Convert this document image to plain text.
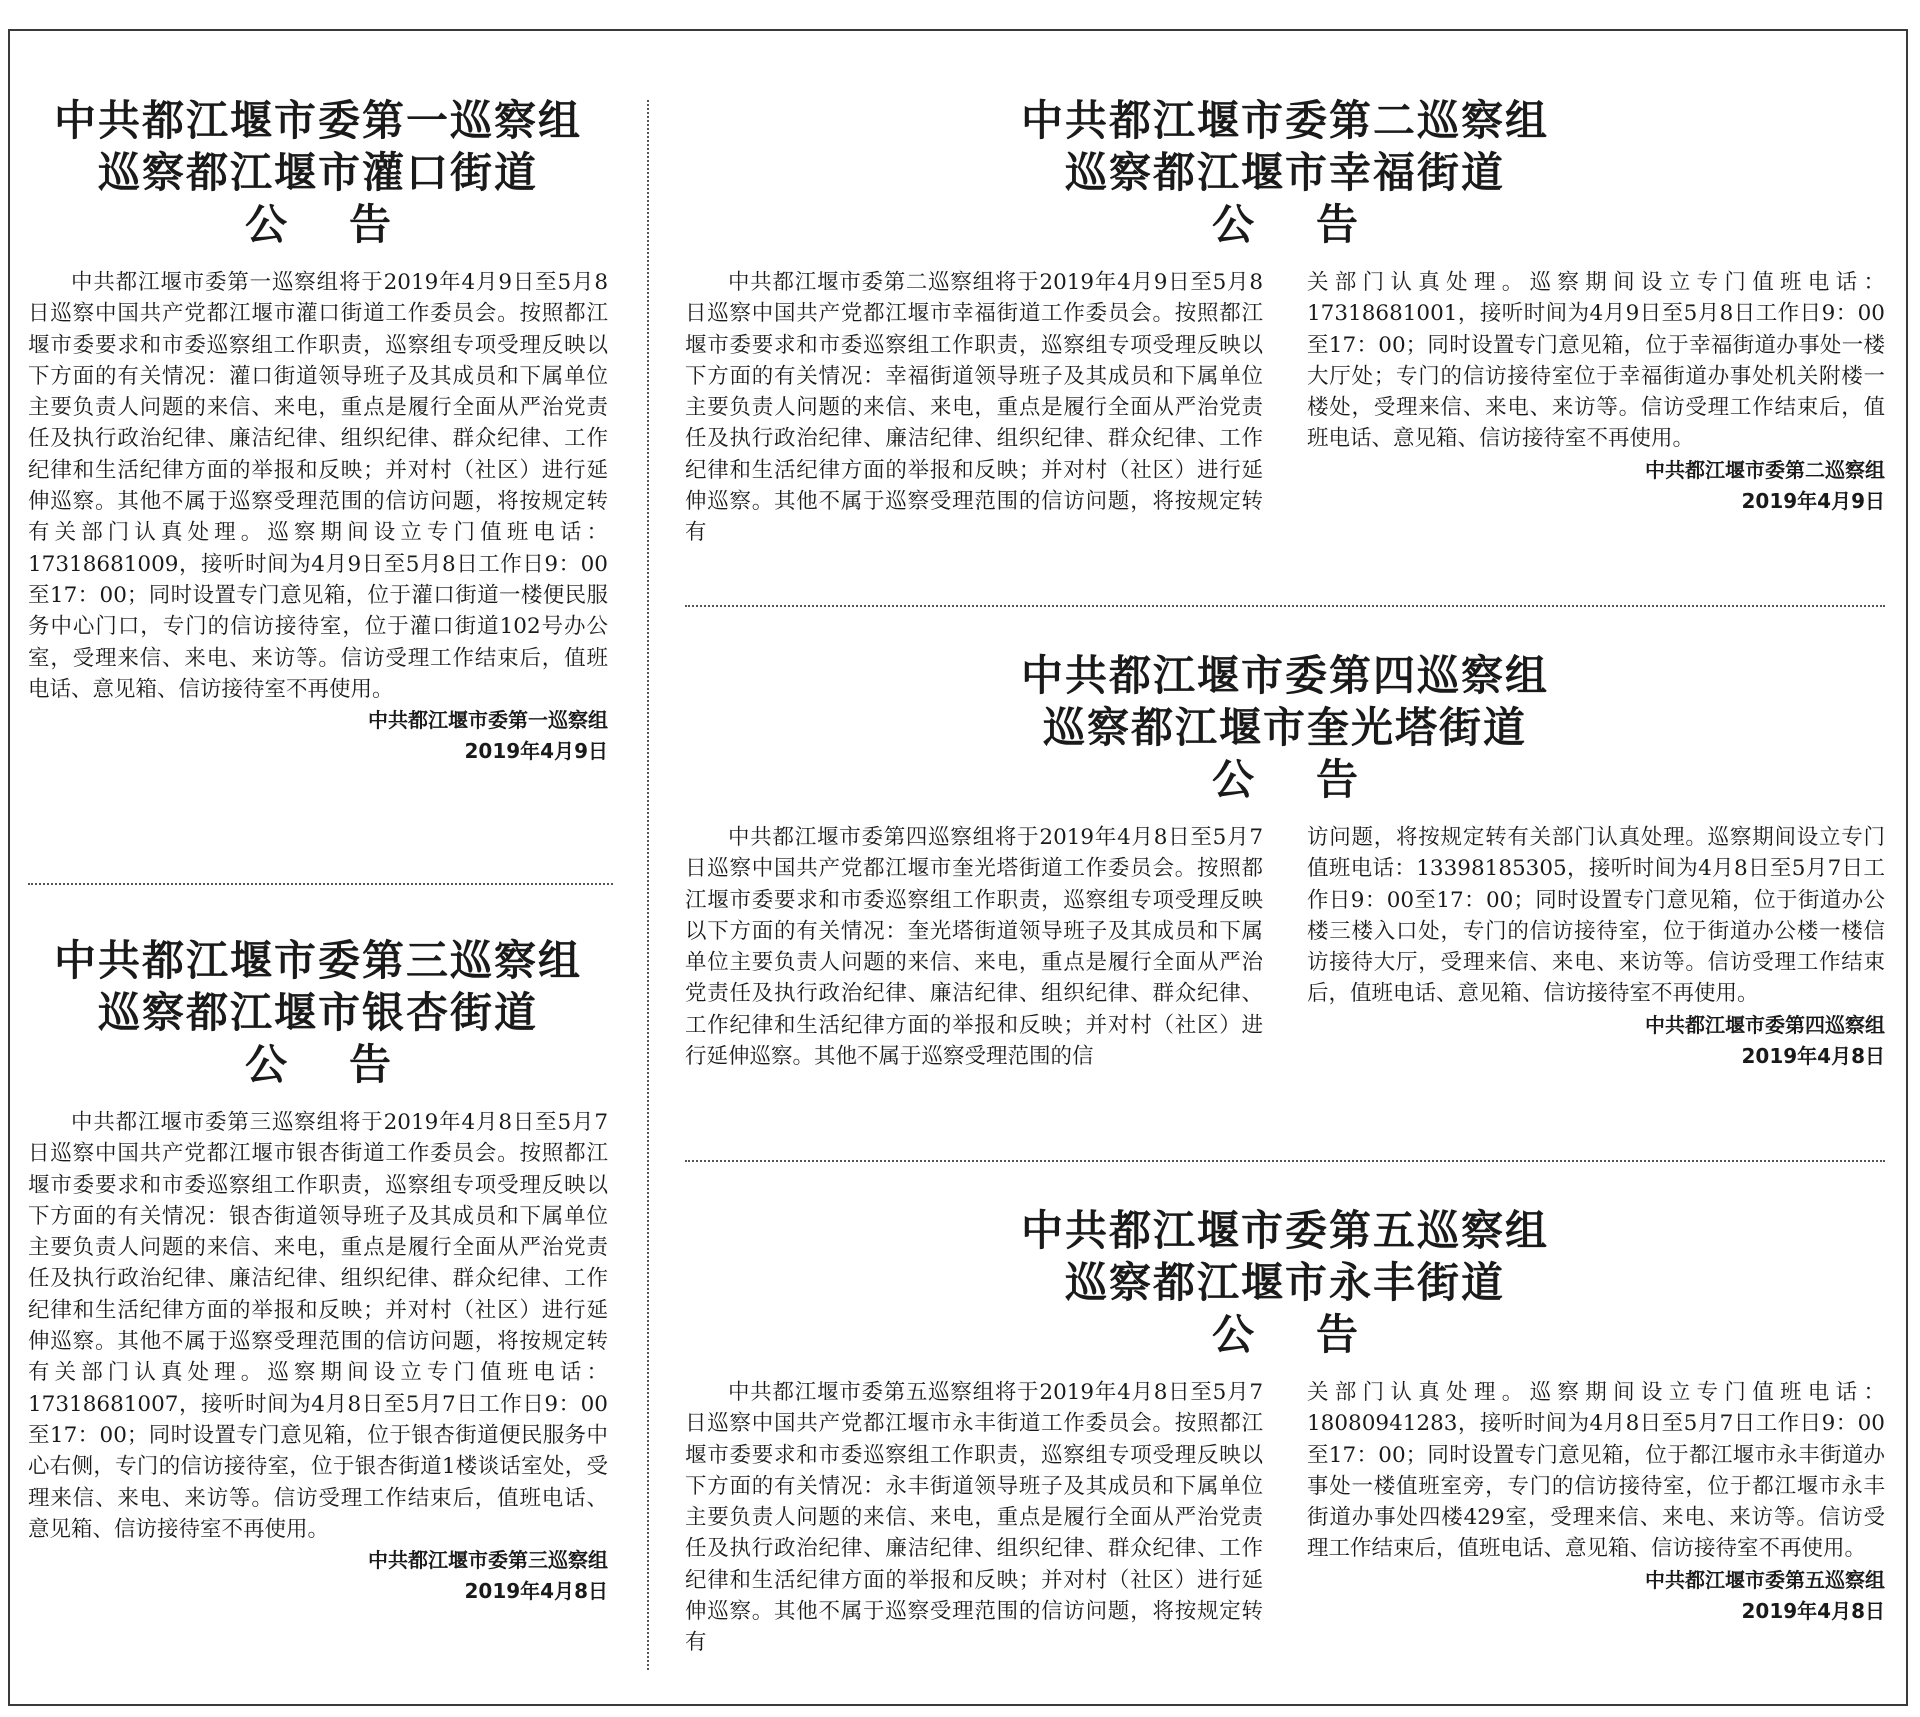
中共都江堰市委第一巡察组
巡察都江堰市灌口街道
公告

中共都江堰市委第一巡察组将于2019年4月9日至5月8日巡察中国共产党都江堰市灌口街道工作委员会。按照都江堰市委要求和市委巡察组工作职责，巡察组专项受理反映以下方面的有关情况：灌口街道领导班子及其成员和下属单位主要负责人问题的来信、来电，重点是履行全面从严治党责任及执行政治纪律、廉洁纪律、组织纪律、群众纪律、工作纪律和生活纪律方面的举报和反映；并对村（社区）进行延伸巡察。其他不属于巡察受理范围的信访问题，将按规定转有关部门认真处理。巡察期间设立专门值班电话：17318681009，接听时间为4月9日至5月8日工作日9：00至17：00；同时设置专门意见箱，位于灌口街道一楼便民服务中心门口，专门的信访接待室，位于灌口街道102号办公室，受理来信、来电、来访等。信访受理工作结束后，值班电话、意见箱、信访接待室不再使用。

中共都江堰市委第一巡察组
2019年4月9日
中共都江堰市委第三巡察组
巡察都江堰市银杏街道
公告

中共都江堰市委第三巡察组将于2019年4月8日至5月7日巡察中国共产党都江堰市银杏街道工作委员会。按照都江堰市委要求和市委巡察组工作职责，巡察组专项受理反映以下方面的有关情况：银杏街道领导班子及其成员和下属单位主要负责人问题的来信、来电，重点是履行全面从严治党责任及执行政治纪律、廉洁纪律、组织纪律、群众纪律、工作纪律和生活纪律方面的举报和反映；并对村（社区）进行延伸巡察。其他不属于巡察受理范围的信访问题，将按规定转有关部门认真处理。巡察期间设立专门值班电话：17318681007，接听时间为4月8日至5月7日工作日9：00至17：00；同时设置专门意见箱，位于银杏街道便民服务中心右侧，专门的信访接待室，位于银杏街道1楼谈话室处，受理来信、来电、来访等。信访受理工作结束后，值班电话、意见箱、信访接待室不再使用。

中共都江堰市委第三巡察组
2019年4月8日
中共都江堰市委第二巡察组
巡察都江堰市幸福街道
公告

中共都江堰市委第二巡察组将于2019年4月9日至5月8日巡察中国共产党都江堰市幸福街道工作委员会。按照都江堰市委要求和市委巡察组工作职责，巡察组专项受理反映以下方面的有关情况：幸福街道领导班子及其成员和下属单位主要负责人问题的来信、来电，重点是履行全面从严治党责任及执行政治纪律、廉洁纪律、组织纪律、群众纪律、工作纪律和生活纪律方面的举报和反映；并对村（社区）进行延伸巡察。其他不属于巡察受理范围的信访问题，将按规定转有

关部门认真处理。巡察期间设立专门值班电话：17318681001，接听时间为4月9日至5月8日工作日9：00至17：00；同时设置专门意见箱，位于幸福街道办事处一楼大厅处；专门的信访接待室位于幸福街道办事处机关附楼一楼处，受理来信、来电、来访等。信访受理工作结束后，值班电话、意见箱、信访接待室不再使用。

中共都江堰市委第二巡察组
2019年4月9日
中共都江堰市委第四巡察组
巡察都江堰市奎光塔街道
公告

中共都江堰市委第四巡察组将于2019年4月8日至5月7日巡察中国共产党都江堰市奎光塔街道工作委员会。按照都江堰市委要求和市委巡察组工作职责，巡察组专项受理反映以下方面的有关情况：奎光塔街道领导班子及其成员和下属单位主要负责人问题的来信、来电，重点是履行全面从严治党责任及执行政治纪律、廉洁纪律、组织纪律、群众纪律、工作纪律和生活纪律方面的举报和反映；并对村（社区）进行延伸巡察。其他不属于巡察受理范围的信

访问题，将按规定转有关部门认真处理。巡察期间设立专门值班电话：13398185305，接听时间为4月8日至5月7日工作日9：00至17：00；同时设置专门意见箱，位于街道办公楼三楼入口处，专门的信访接待室，位于街道办公楼一楼信访接待大厅，受理来信、来电、来访等。信访受理工作结束后，值班电话、意见箱、信访接待室不再使用。

中共都江堰市委第四巡察组
2019年4月8日
中共都江堰市委第五巡察组
巡察都江堰市永丰街道
公告

中共都江堰市委第五巡察组将于2019年4月8日至5月7日巡察中国共产党都江堰市永丰街道工作委员会。按照都江堰市委要求和市委巡察组工作职责，巡察组专项受理反映以下方面的有关情况：永丰街道领导班子及其成员和下属单位主要负责人问题的来信、来电，重点是履行全面从严治党责任及执行政治纪律、廉洁纪律、组织纪律、群众纪律、工作纪律和生活纪律方面的举报和反映；并对村（社区）进行延伸巡察。其他不属于巡察受理范围的信访问题，将按规定转有

关部门认真处理。巡察期间设立专门值班电话：18080941283，接听时间为4月8日至5月7日工作日9：00至17：00；同时设置专门意见箱，位于都江堰市永丰街道办事处一楼值班室旁，专门的信访接待室，位于都江堰市永丰街道办事处四楼429室，受理来信、来电、来访等。信访受理工作结束后，值班电话、意见箱、信访接待室不再使用。

中共都江堰市委第五巡察组
2019年4月8日
